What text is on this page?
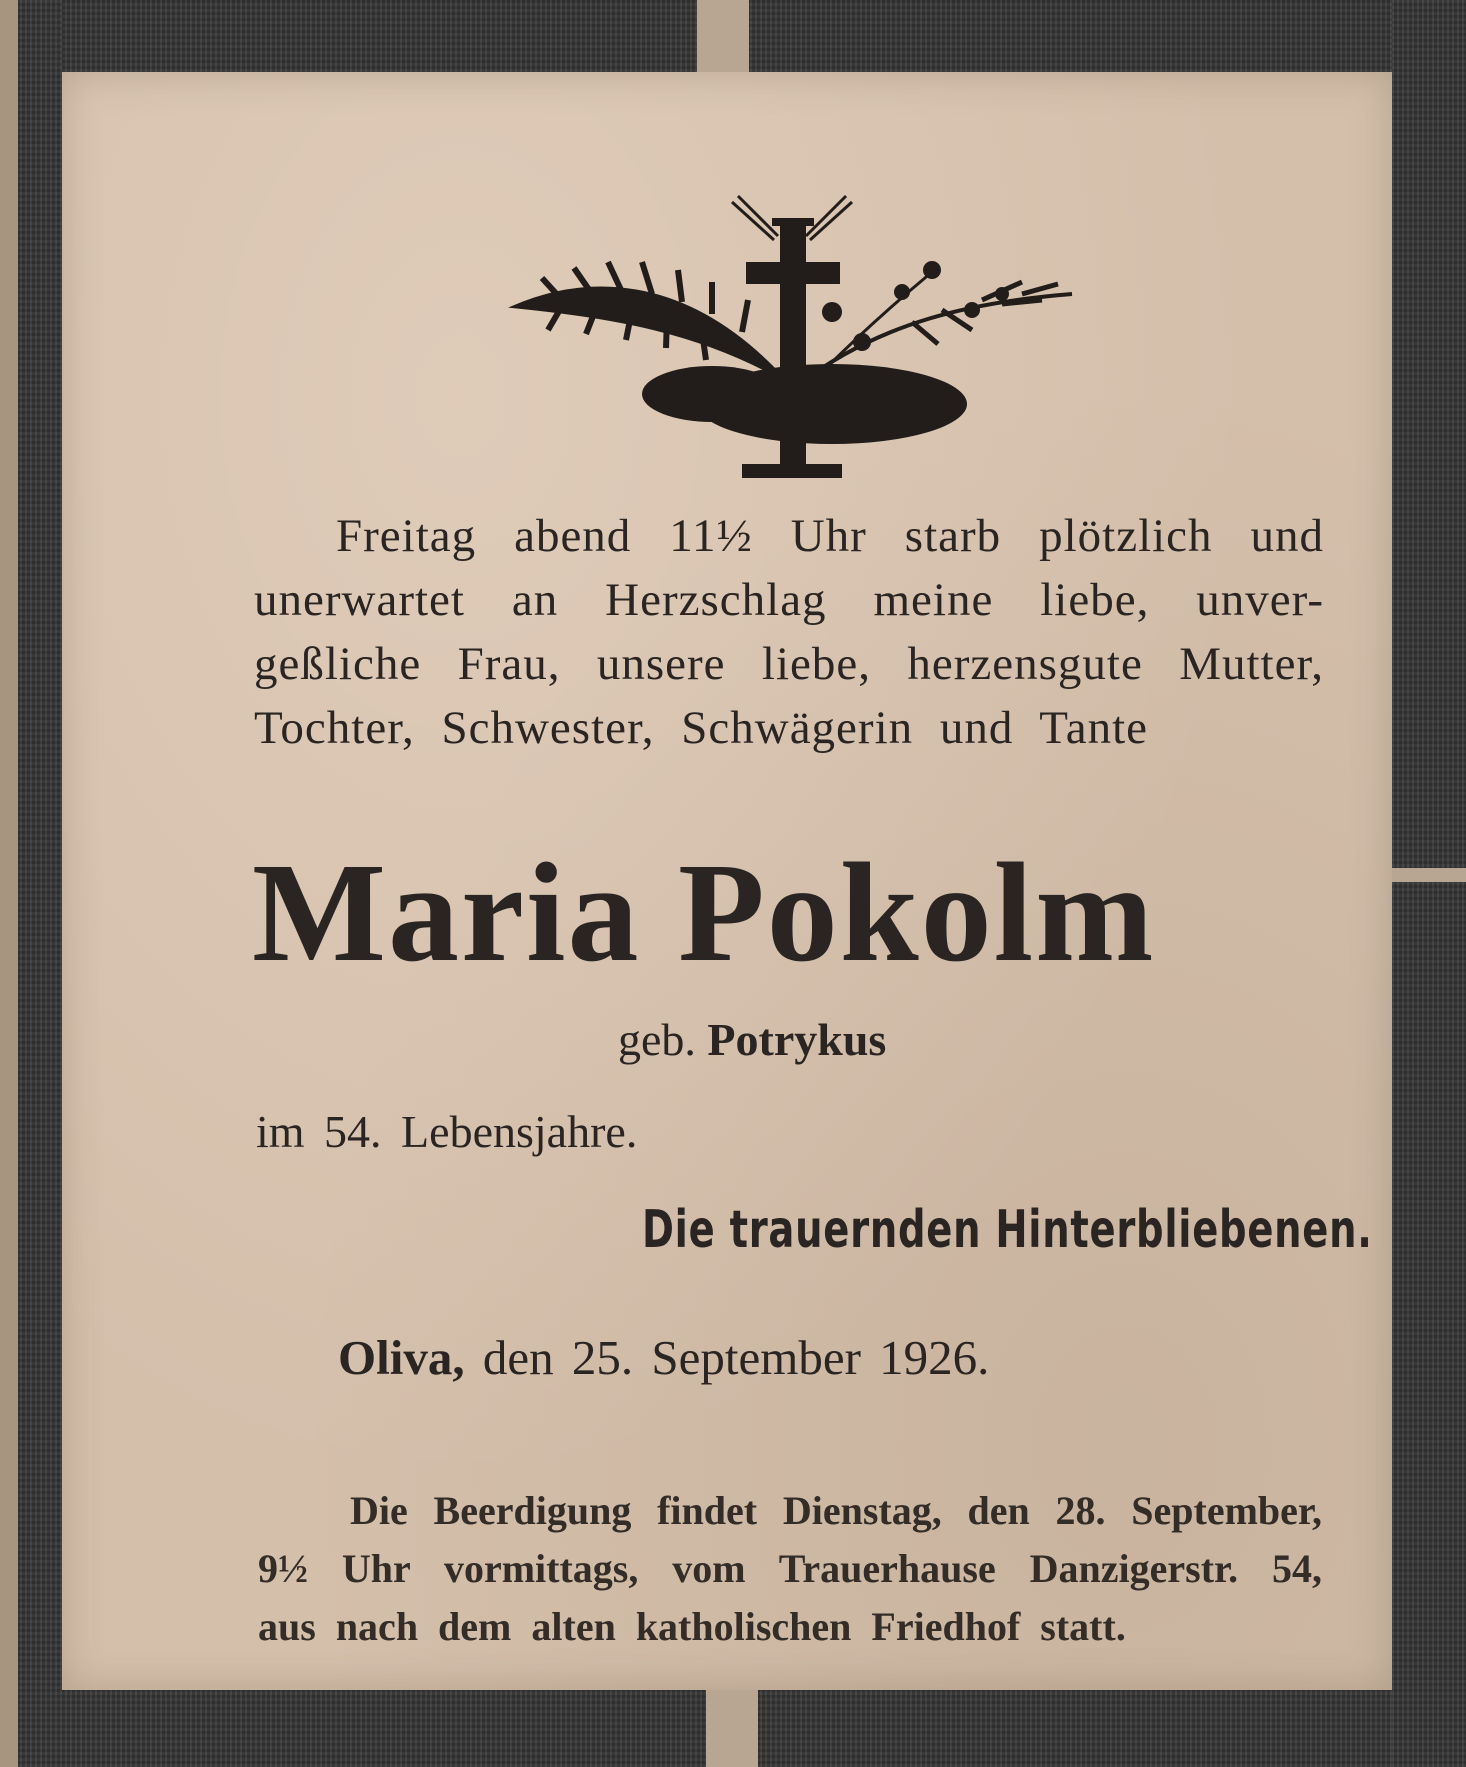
Freitag abend 11½ Uhr starb plötzlich und
unerwartet an Herzschlag meine liebe, unver-
geßliche Frau, unsere liebe, herzensgute Mutter,
Tochter, Schwester, Schwägerin und Tante
Maria Pokolm
geb. Potrykus
im 54. Lebensjahre.
Die trauernden Hinterbliebenen.
Oliva, den 25. September 1926.
Die Beerdigung findet Dienstag, den 28. September,
9½ Uhr vormittags, vom Trauerhause Danzigerstr. 54,
aus nach dem alten katholischen Friedhof statt.
